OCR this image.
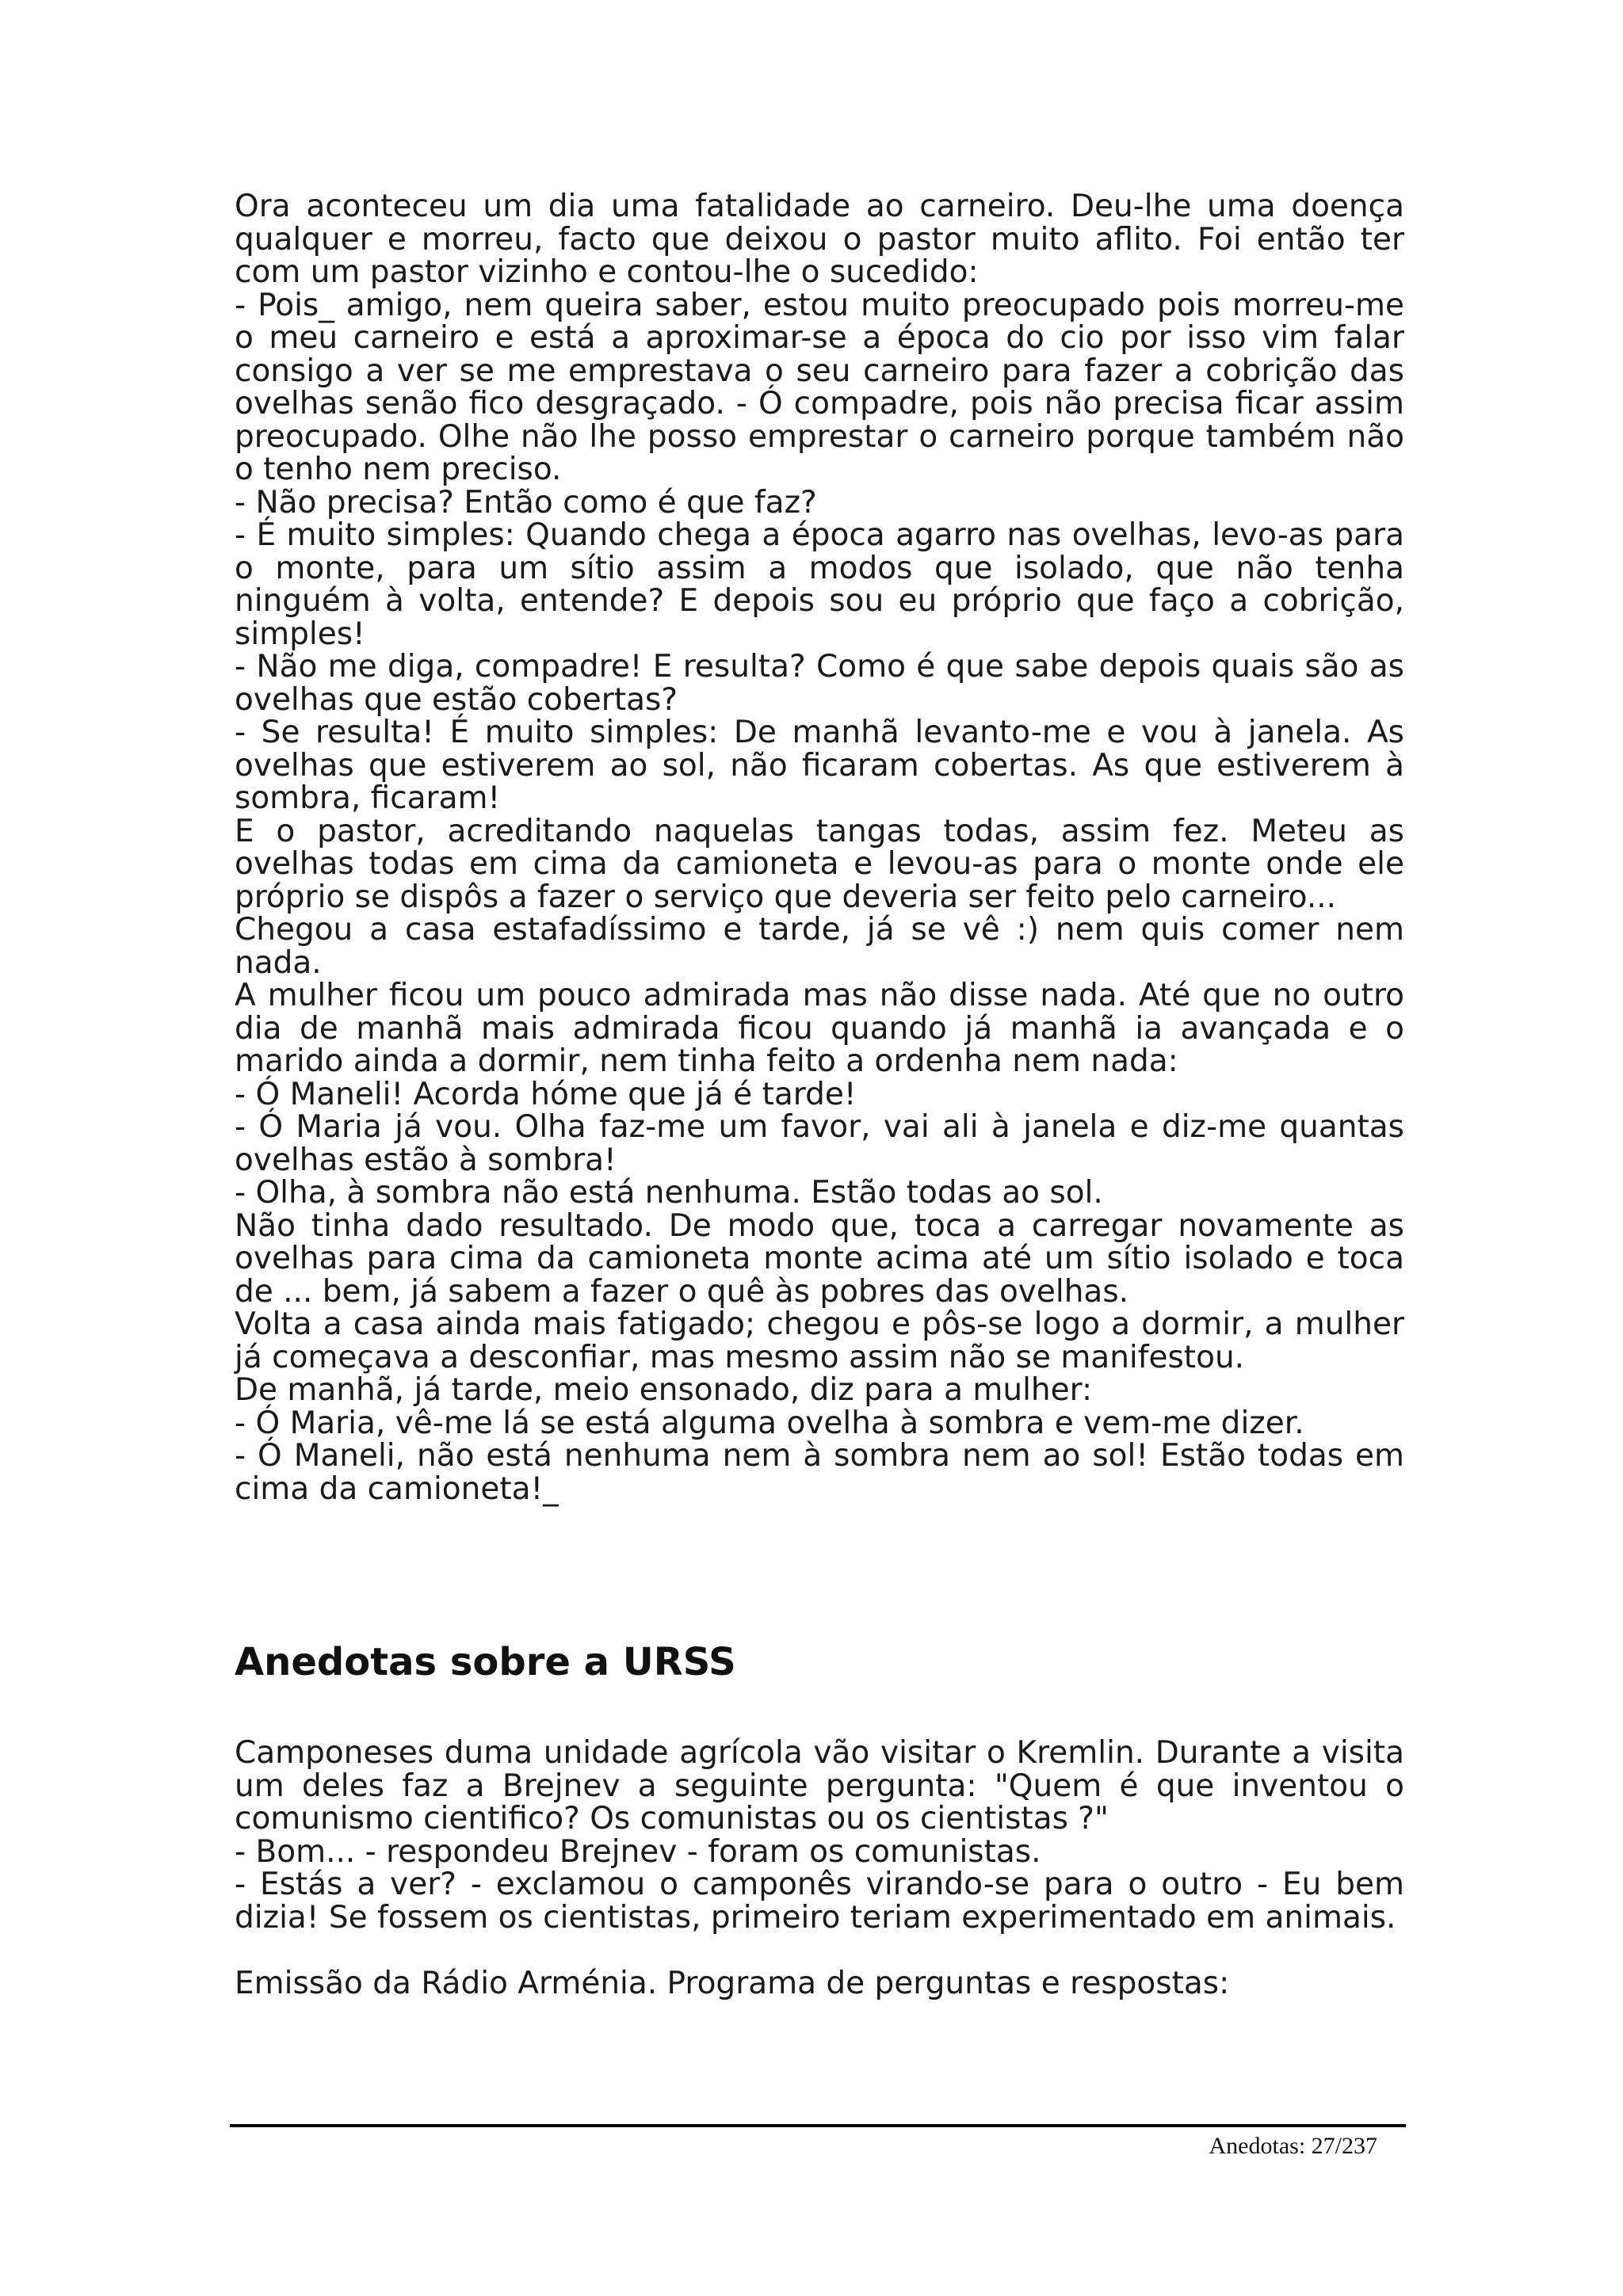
Ora aconteceu um dia uma fatalidade ao carneiro. Deu-lhe uma doença qualquer e morreu, facto que deixou o pastor muito aflito. Foi então ter com um pastor vizinho e contou-lhe o sucedido:

- Pois_ amigo, nem queira saber, estou muito preocupado pois morreu-me o meu carneiro e está a aproximar-se a época do cio por isso vim falar consigo a ver se me emprestava o seu carneiro para fazer a cobrição das ovelhas senão fico desgraçado. - Ó compadre, pois não precisa ficar assim preocupado. Olhe não lhe posso emprestar o carneiro porque também não o tenho nem preciso.

- Não precisa? Então como é que faz?

- É muito simples: Quando chega a época agarro nas ovelhas, levo-as para o monte, para um sítio assim a modos que isolado, que não tenha ninguém à volta, entende? E depois sou eu próprio que faço a cobrição, simples!

- Não me diga, compadre! E resulta? Como é que sabe depois quais são as ovelhas que estão cobertas?

- Se resulta! É muito simples: De manhã levanto-me e vou à janela. As ovelhas que estiverem ao sol, não ficaram cobertas. As que estiverem à sombra, ficaram!

E o pastor, acreditando naquelas tangas todas, assim fez. Meteu as ovelhas todas em cima da camioneta e levou-as para o monte onde ele próprio se dispôs a fazer o serviço que deveria ser feito pelo carneiro...

Chegou a casa estafadíssimo e tarde, já se vê :) nem quis comer nem nada.

A mulher ficou um pouco admirada mas não disse nada. Até que no outro dia de manhã mais admirada ficou quando já manhã ia avançada e o marido ainda a dormir, nem tinha feito a ordenha nem nada:

- Ó Maneli! Acorda hóme que já é tarde!

- Ó Maria já vou. Olha faz-me um favor, vai ali à janela e diz-me quantas ovelhas estão à sombra!

- Olha, à sombra não está nenhuma. Estão todas ao sol.

Não tinha dado resultado. De modo que, toca a carregar novamente as ovelhas para cima da camioneta monte acima até um sítio isolado e toca de ... bem, já sabem a fazer o quê às pobres das ovelhas.

Volta a casa ainda mais fatigado; chegou e pôs-se logo a dormir, a mulher já começava a desconfiar, mas mesmo assim não se manifestou.

De manhã, já tarde, meio ensonado, diz para a mulher:

- Ó Maria, vê-me lá se está alguma ovelha à sombra e vem-me dizer.

- Ó Maneli, não está nenhuma nem à sombra nem ao sol! Estão todas em cima da camioneta!_

Anedotas sobre a URSS

Camponeses duma unidade agrícola vão visitar o Kremlin. Durante a visita um deles faz a Brejnev a seguinte pergunta: "Quem é que inventou o comunismo cientifico? Os comunistas ou os cientistas ?"

- Bom... - respondeu Brejnev - foram os comunistas.

- Estás a ver? - exclamou o camponês virando-se para o outro - Eu bem dizia! Se fossem os cientistas, primeiro teriam experimentado em animais.

Emissão da Rádio Arménia. Programa de perguntas e respostas:

Anedotas: 27/237
